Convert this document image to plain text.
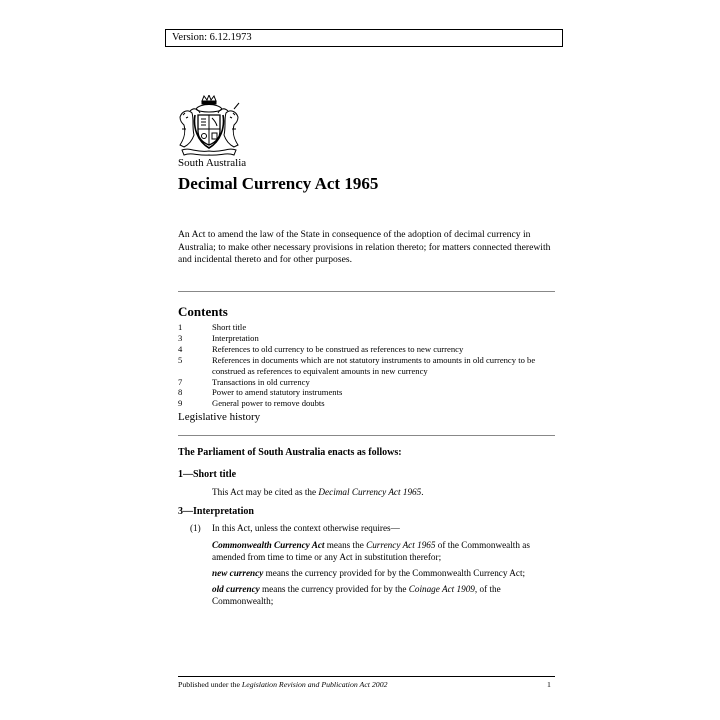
Version: 6.12.1973
South Australia
Decimal Currency Act 1965
An Act to amend the law of the State in consequence of the adoption of decimal currency in Australia; to make other necessary provisions in relation thereto; for matters connected therewith and incidental thereto and for other purposes.
Contents
1	Short title
3	Interpretation
4	References to old currency to be construed as references to new currency
5	References in documents which are not statutory instruments to amounts in old currency to be construed as references to equivalent amounts in new currency
7	Transactions in old currency
8	Power to amend statutory instruments
9	General power to remove doubts
Legislative history
The Parliament of South Australia enacts as follows:
1—Short title
This Act may be cited as the Decimal Currency Act 1965.
3—Interpretation
(1) In this Act, unless the context otherwise requires—
Commonwealth Currency Act means the Currency Act 1965 of the Commonwealth as amended from time to time or any Act in substitution therefor;
new currency means the currency provided for by the Commonwealth Currency Act;
old currency means the currency provided for by the Coinage Act 1909, of the Commonwealth;
Published under the Legislation Revision and Publication Act 2002	1
